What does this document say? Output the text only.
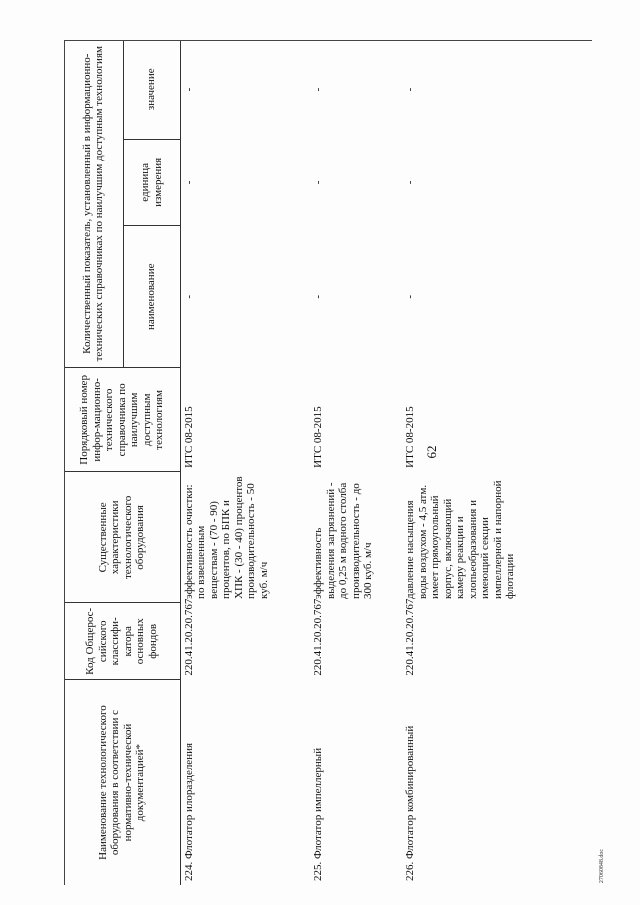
62
Наименование технологического оборудования в соответствии с нормативно-технической документацией*	Код Общерос-сийского классифи-катора основных фондов	Существенные характеристики технологического оборудования	Порядковый номер инфор-мационно-технического справочника по наилучшим доступным технологиям	Количественный показатель, установленный в информационно-технических справочниках по наилучшим доступным технологиям		
				наименование	единица измерения	значение
224.Флотатор илоразделения	220.41.20.20.767	эффективность очистки: по взвешенным веществам - (70 - 90) процентов, по БПК и ХПК - (30 - 40) процентов производительность - 50 куб. м/ч	ИТС 08-2015	-	-	-
225.Флотатор импеллерный	220.41.20.20.767	эффективность выделения загрязнений - до 0,25 м водного столба производительность - до 300 куб. м/ч	ИТС 08-2015	-	-	-
226.Флотатор комбинированный	220.41.20.20.767	давление насыщения воды воздухом - 4,5 атм. имеет прямоугольный корпус, включающий камеру реакции и хлопьеобразования и имеющий секции импеллерной и напорной флотации	ИТС 08-2015	-	-	-
27060848.doc
